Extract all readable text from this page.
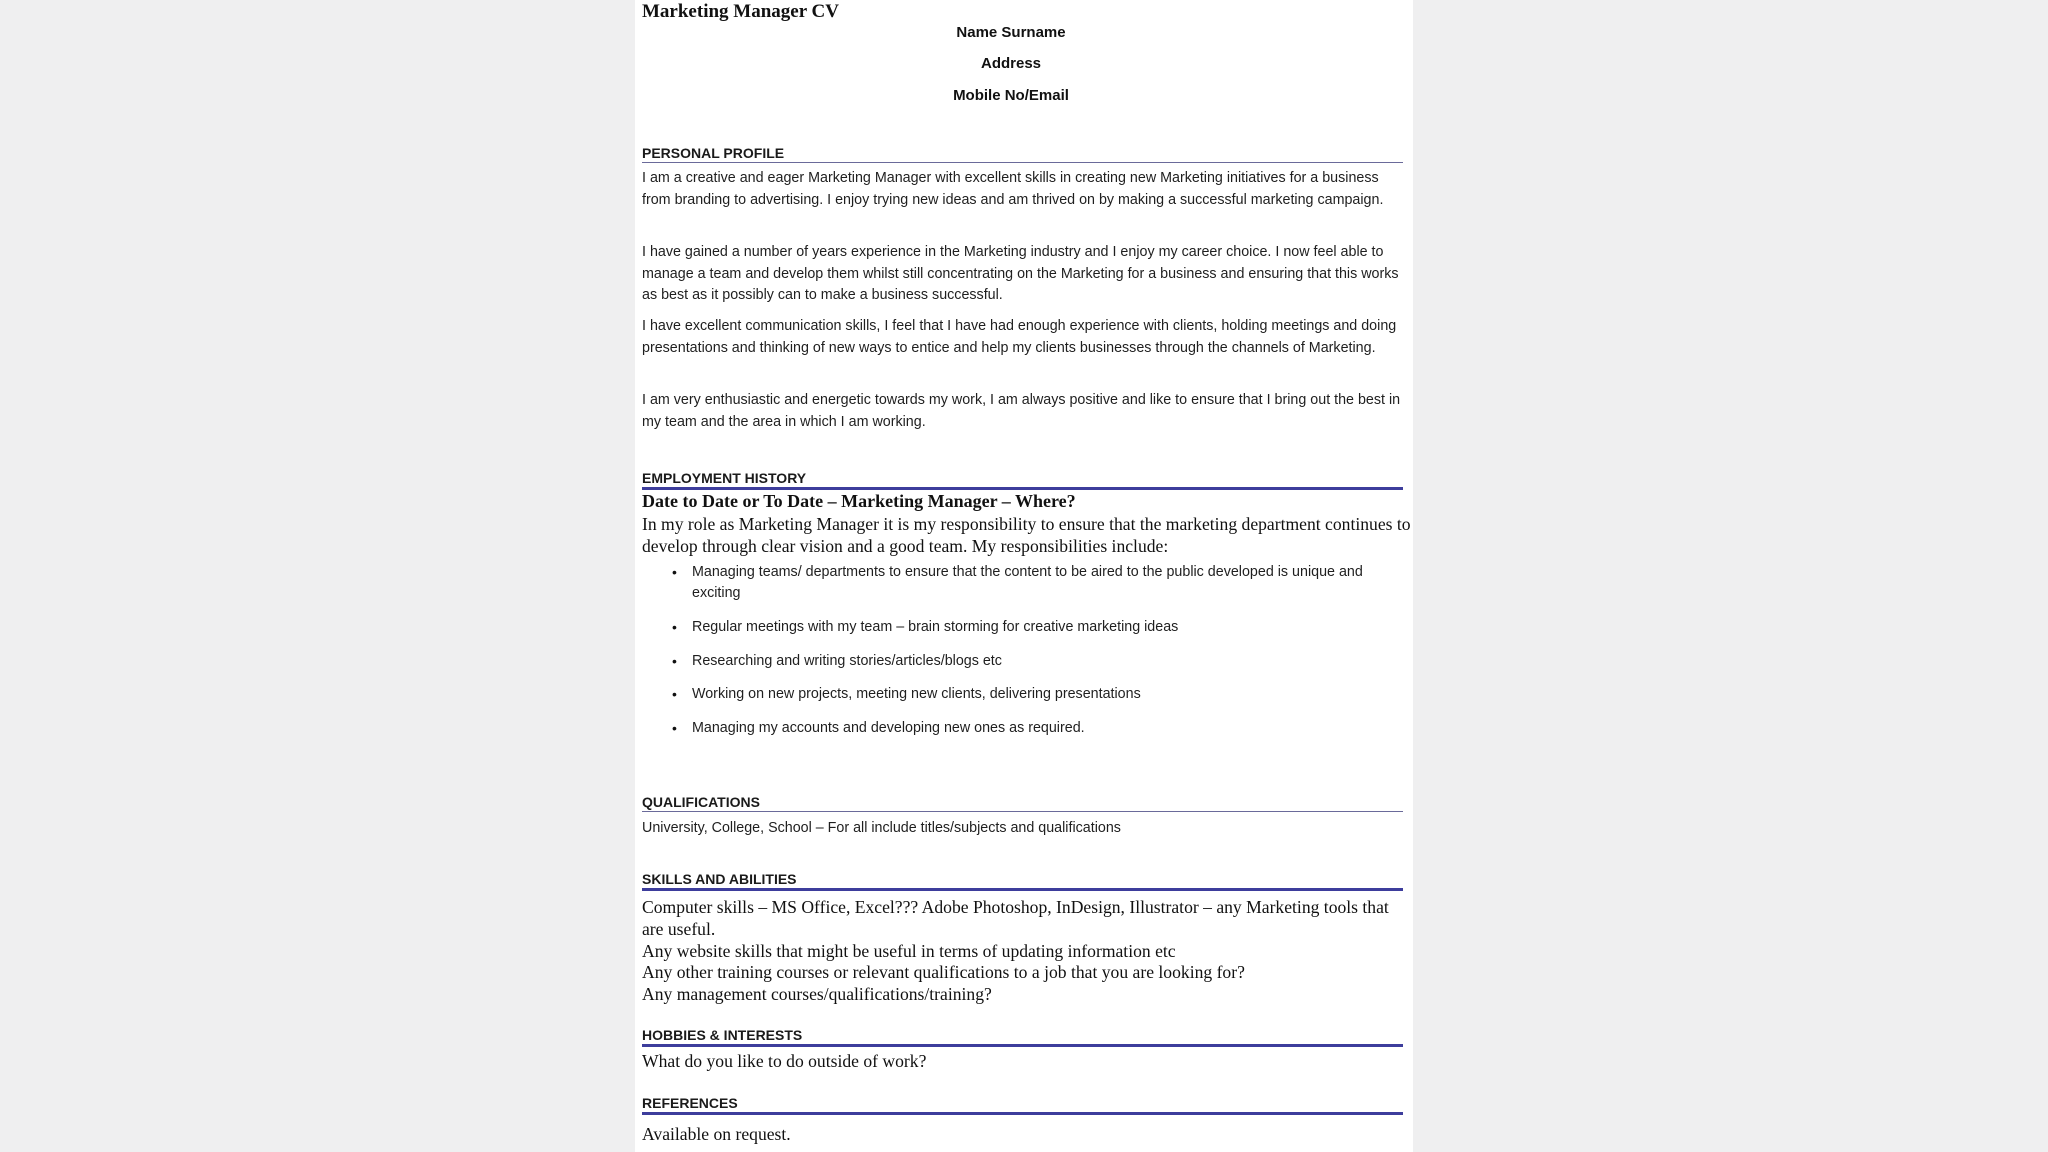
Marketing Manager CV
Name Surname
Address
Mobile No/Email
PERSONAL PROFILE

I am a creative and eager Marketing Manager with excellent skills in creating new Marketing initiatives for a business from branding to advertising. I enjoy trying new ideas and am thrived on by making a successful marketing campaign.

I have gained a number of years experience in the Marketing industry and I enjoy my career choice. I now feel able to manage a team and develop them whilst still concentrating on the Marketing for a business and ensuring that this works as best as it possibly can to make a business successful.

I have excellent communication skills, I feel that I have had enough experience with clients, holding meetings and doing presentations and thinking of new ways to entice and help my clients businesses through the channels of Marketing.

I am very enthusiastic and energetic towards my work, I am always positive and like to ensure that I bring out the best in my team and the area in which I am working.

EMPLOYMENT HISTORY
Date to Date or To Date – Marketing Manager – Where?

In my role as Marketing Manager it is my responsibility to ensure that the marketing department continues to develop through clear vision and a good team. My responsibilities include:

• Managing teams/ departments to ensure that the content to be aired to the public developed is unique and exciting
• Regular meetings with my team – brain storming for creative marketing ideas
• Researching and writing stories/articles/blogs etc
• Working on new projects, meeting new clients, delivering presentations
• Managing my accounts and developing new ones as required.
QUALIFICATIONS

University, College, School – For all include titles/subjects and qualifications

SKILLS AND ABILITIES

Computer skills – MS Office, Excel??? Adobe Photoshop, InDesign, Illustrator – any Marketing tools that are useful.

Any website skills that might be useful in terms of updating information etc

Any other training courses or relevant qualifications to a job that you are looking for?

Any management courses/qualifications/training?

HOBBIES & INTERESTS

What do you like to do outside of work?

REFERENCES

Available on request.
